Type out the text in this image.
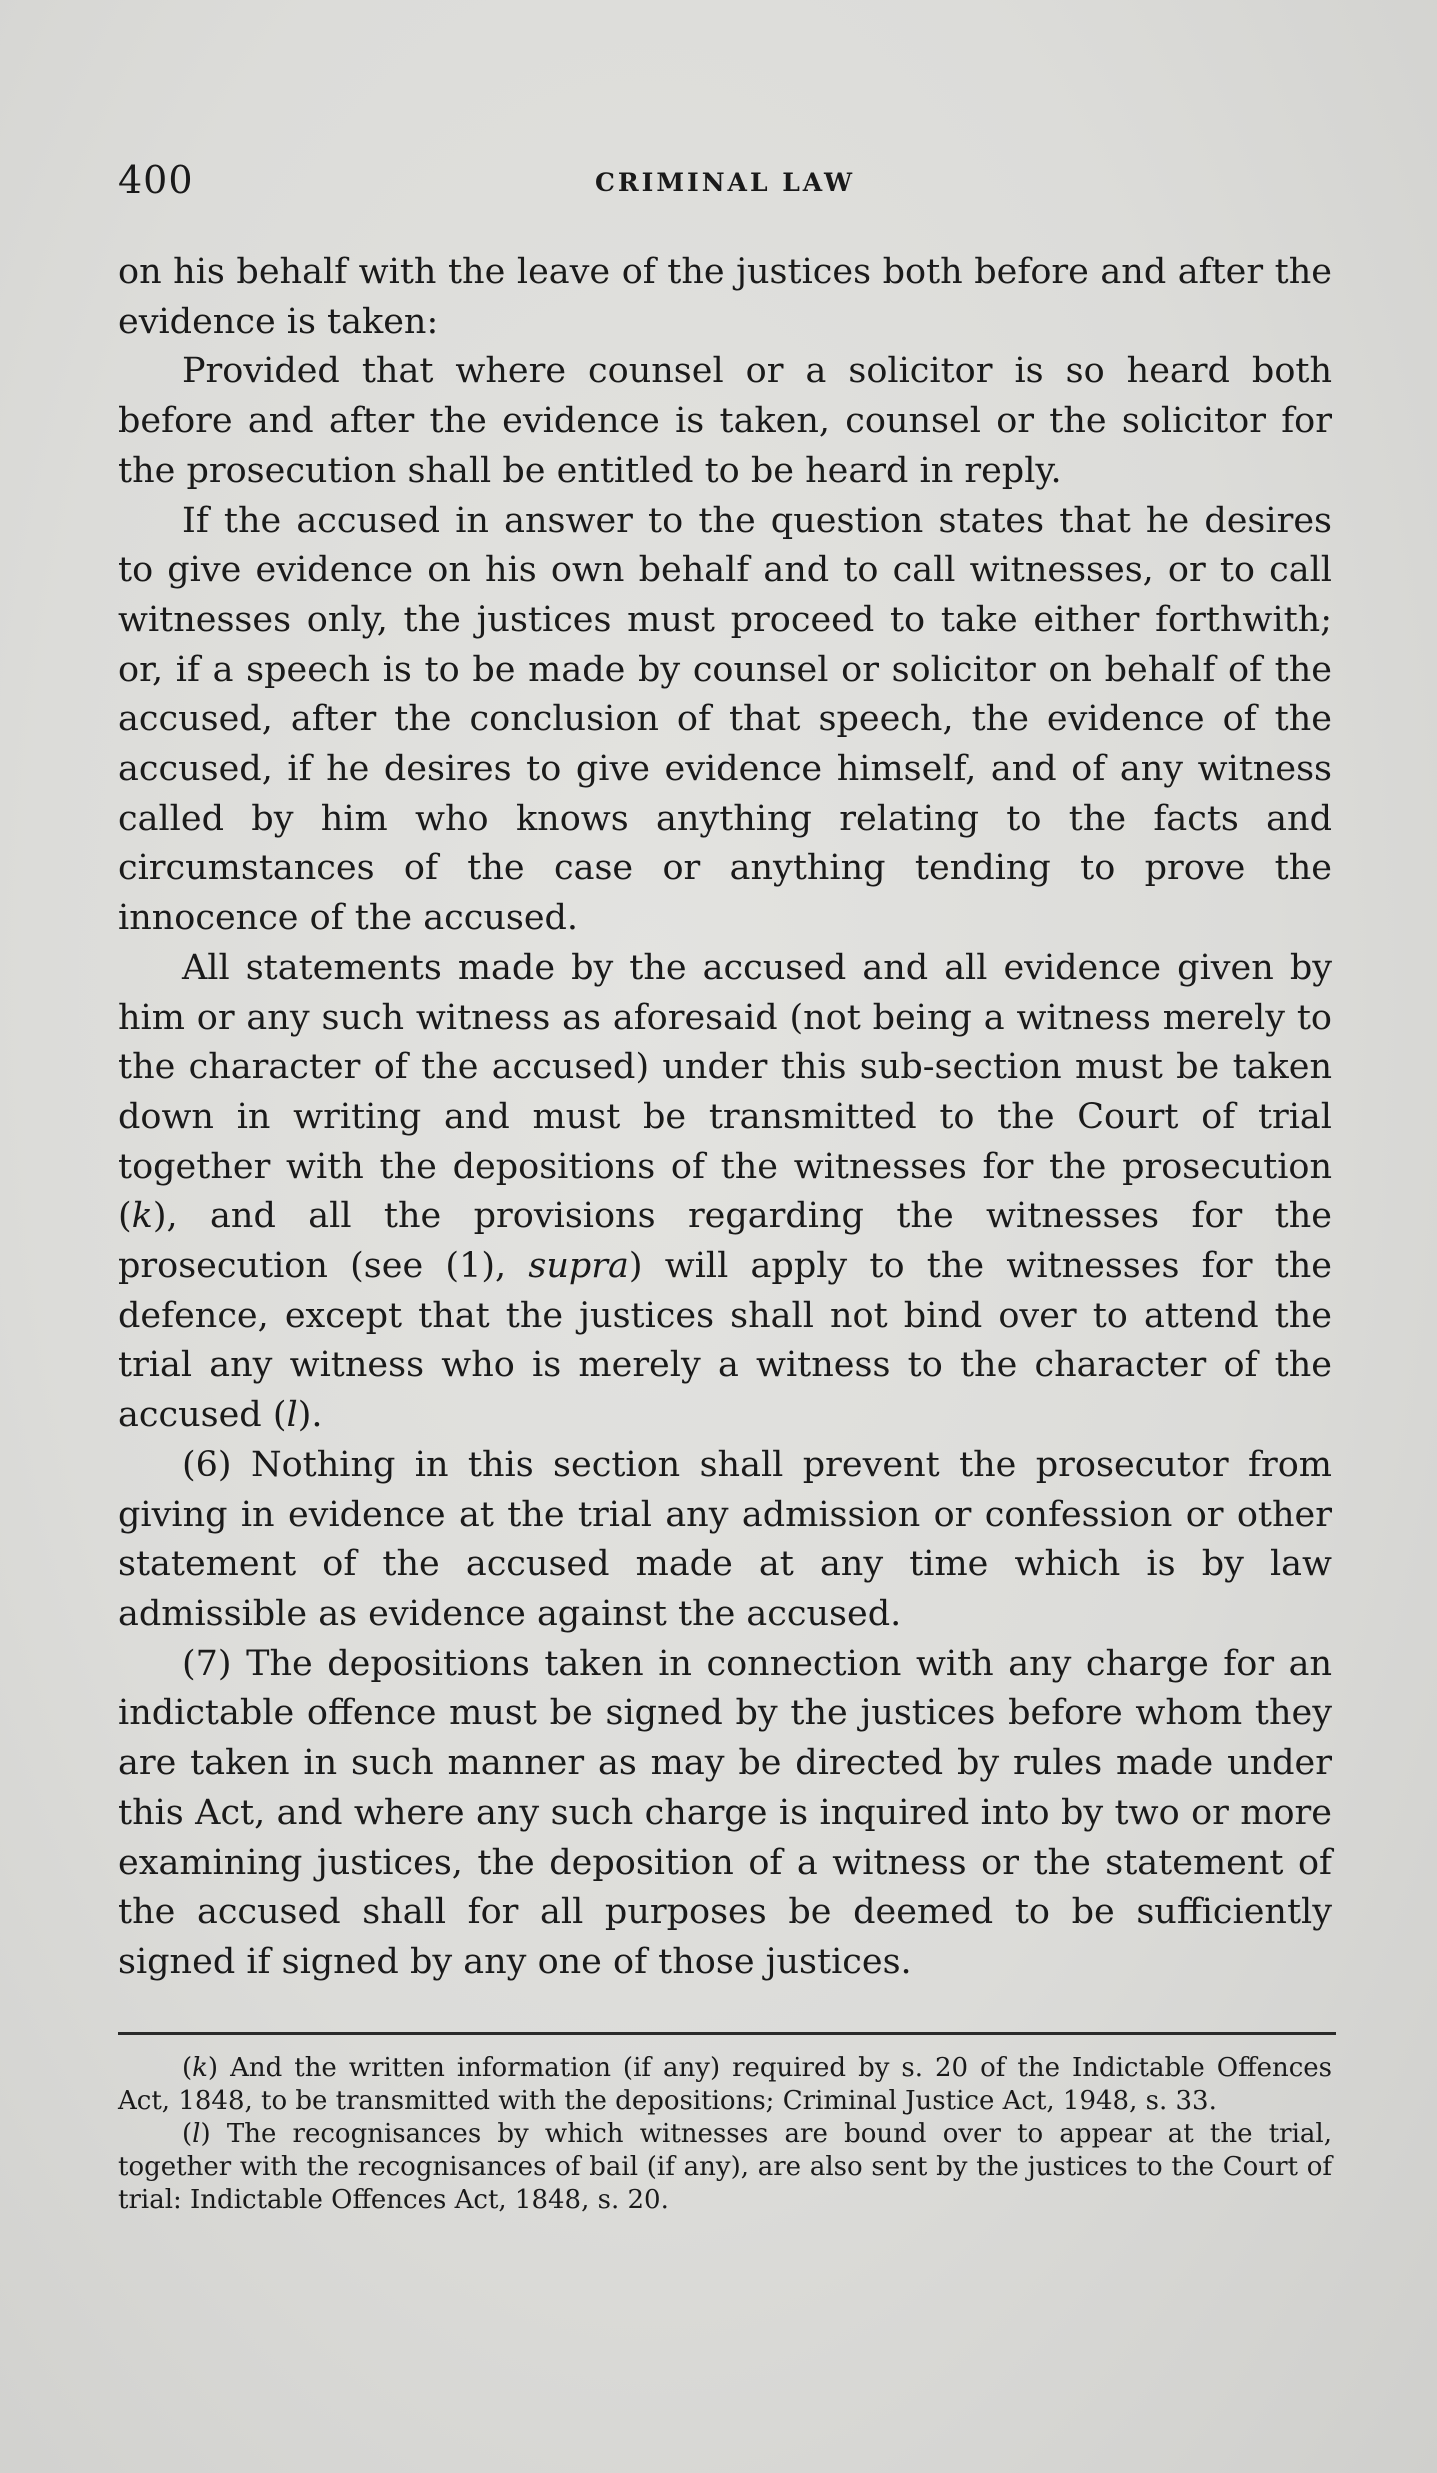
400	CRIMINAL LAW

on his behalf with the leave of the justices both before and after the evidence is taken:

Provided that where counsel or a solicitor is so heard both before and after the evidence is taken, counsel or the solicitor for the prosecution shall be entitled to be heard in reply.

If the accused in answer to the question states that he desires to give evidence on his own behalf and to call witnesses, or to call witnesses only, the justices must proceed to take either forthwith; or, if a speech is to be made by counsel or solicitor on behalf of the accused, after the conclusion of that speech, the evidence of the accused, if he desires to give evidence himself, and of any witness called by him who knows anything relating to the facts and circumstances of the case or anything tending to prove the innocence of the accused.

All statements made by the accused and all evidence given by him or any such witness as aforesaid (not being a witness merely to the character of the accused) under this sub-section must be taken down in writing and must be transmitted to the Court of trial together with the depositions of the witnesses for the prosecution (k), and all the provisions regarding the witnesses for the prosecution (see (1), supra) will apply to the witnesses for the defence, except that the justices shall not bind over to attend the trial any witness who is merely a witness to the character of the accused (l).

(6) Nothing in this section shall prevent the prosecutor from giving in evidence at the trial any admission or confession or other statement of the accused made at any time which is by law admissible as evidence against the accused.

(7) The depositions taken in connection with any charge for an indictable offence must be signed by the justices before whom they are taken in such manner as may be directed by rules made under this Act, and where any such charge is inquired into by two or more examining justices, the deposition of a witness or the statement of the accused shall for all purposes be deemed to be sufficiently signed if signed by any one of those justices.

(k) And the written information (if any) required by s. 20 of the Indictable Offences Act, 1848, to be transmitted with the depositions; Criminal Justice Act, 1948, s. 33.

(l) The recognisances by which witnesses are bound over to appear at the trial, together with the recognisances of bail (if any), are also sent by the justices to the Court of trial: Indictable Offences Act, 1848, s. 20.
